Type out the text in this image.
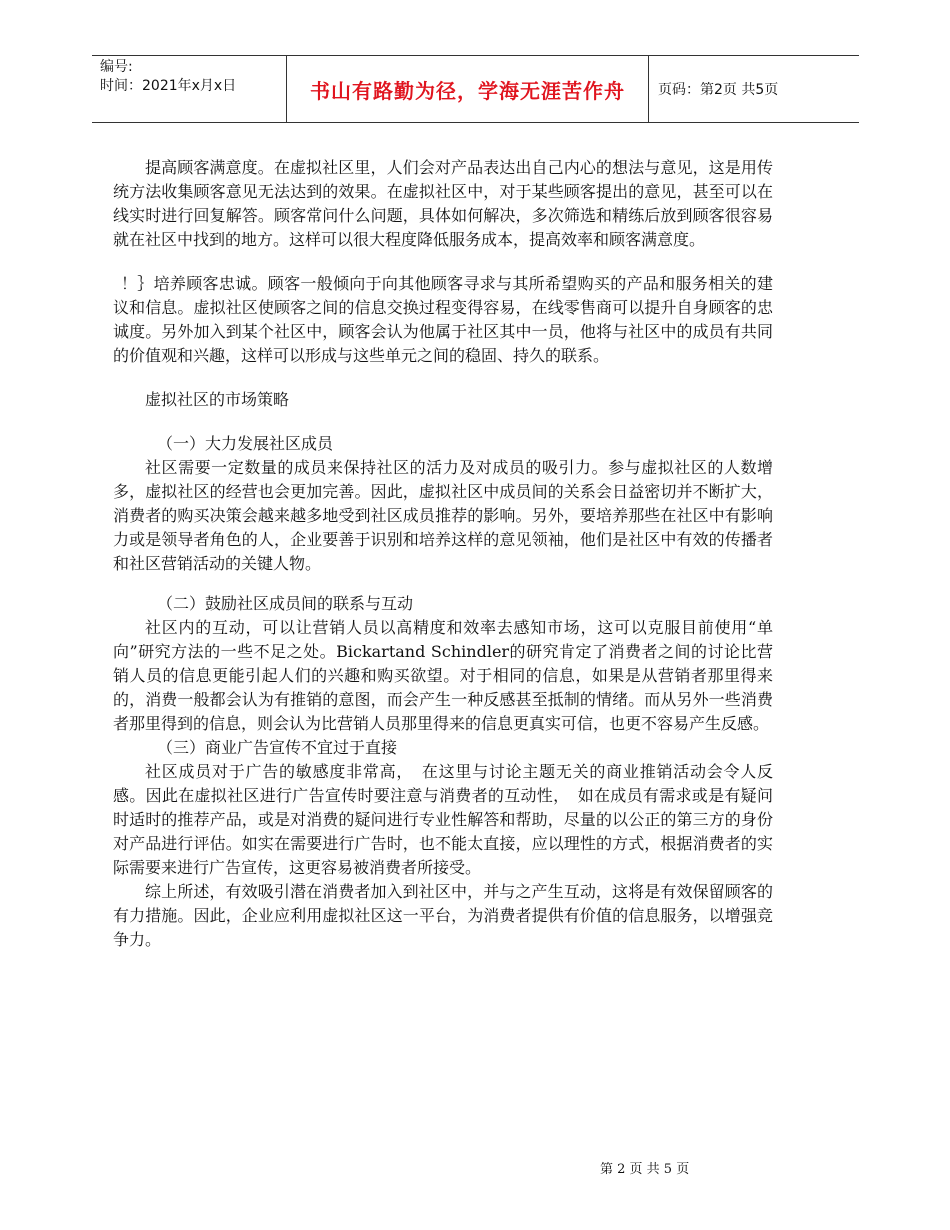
编号:
时间：2021年x月x日	书山有路勤为径，学海无涯苦作舟	页码：第2页 共5页

提高顾客满意度。在虚拟社区里，人们会对产品表达出自己内心的想法与意见，这是用传统方法收集顾客意见无法达到的效果。在虚拟社区中，对于某些顾客提出的意见，甚至可以在线实时进行回复解答。顾客常问什么问题，具体如何解决，多次筛选和精练后放到顾客很容易就在社区中找到的地方。这样可以很大程度降低服务成本，提高效率和顾客满意度。

！｝培养顾客忠诚。顾客一般倾向于向其他顾客寻求与其所希望购买的产品和服务相关的建议和信息。虚拟社区使顾客之间的信息交换过程变得容易，在线零售商可以提升自身顾客的忠诚度。另外加入到某个社区中，顾客会认为他属于社区其中一员，他将与社区中的成员有共同的价值观和兴趣，这样可以形成与这些单元之间的稳固、持久的联系。

虚拟社区的市场策略

（一）大力发展社区成员

社区需要一定数量的成员来保持社区的活力及对成员的吸引力。参与虚拟社区的人数增多，虚拟社区的经营也会更加完善。因此，虚拟社区中成员间的关系会日益密切并不断扩大，消费者的购买决策会越来越多地受到社区成员推荐的影响。另外，要培养那些在社区中有影响力或是领导者角色的人，企业要善于识别和培养这样的意见领袖，他们是社区中有效的传播者和社区营销活动的关键人物。

（二）鼓励社区成员间的联系与互动

社区内的互动，可以让营销人员以高精度和效率去感知市场，这可以克服目前使用“单向”研究方法的一些不足之处。Bickartand Schindler的研究肯定了消费者之间的讨论比营销人员的信息更能引起人们的兴趣和购买欲望。对于相同的信息，如果是从营销者那里得来的，消费一般都会认为有推销的意图，而会产生一种反感甚至抵制的情绪。而从另外一些消费者那里得到的信息，则会认为比营销人员那里得来的信息更真实可信，也更不容易产生反感。

（三）商业广告宣传不宜过于直接

社区成员对于广告的敏感度非常高，　在这里与讨论主题无关的商业推销活动会令人反感。因此在虚拟社区进行广告宣传时要注意与消费者的互动性，　如在成员有需求或是有疑问时适时的推荐产品，或是对消费的疑问进行专业性解答和帮助，尽量的以公正的第三方的身份对产品进行评估。如实在需要进行广告时，也不能太直接，应以理性的方式，根据消费者的实际需要来进行广告宣传，这更容易被消费者所接受。

综上所述，有效吸引潜在消费者加入到社区中，并与之产生互动，这将是有效保留顾客的有力措施。因此，企业应利用虚拟社区这一平台，为消费者提供有价值的信息服务，以增强竞争力。

第 2 页 共 5 页
